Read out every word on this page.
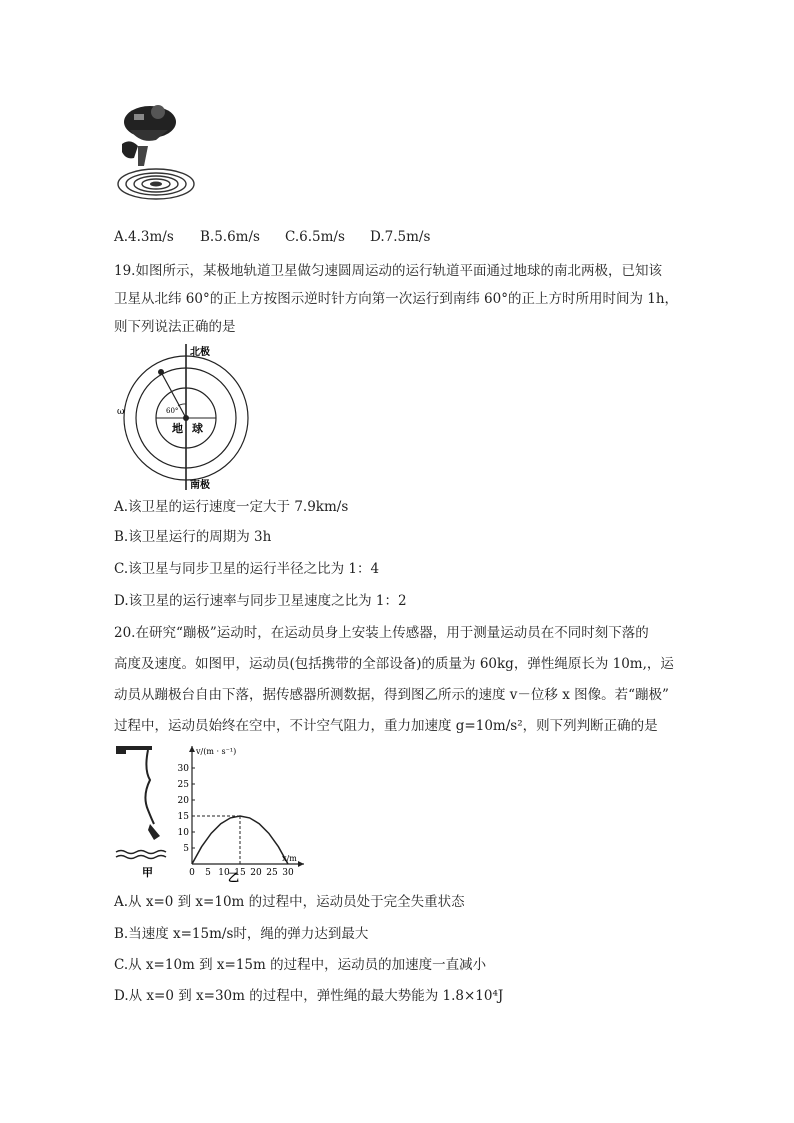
A.4.3m/s B.5.6m/s C.6.5m/s D.7.5m/s
19.如图所示，某极地轨道卫星做匀速圆周运动的运行轨道平面通过地球的南北两极，已知该
卫星从北纬 60°的正上方按图示逆时针方向第一次运行到南纬 60°的正上方时所用时间为 1h，
则下列说法正确的是
60°
北极
南极
地 球
ω
A.该卫星的运行速度一定大于 7.9km/s
B.该卫星运行的周期为 3h
C.该卫星与同步卫星的运行半径之比为 1：4
D.该卫星的运行速率与同步卫星速度之比为 1：2
20.在研究“蹦极”运动时，在运动员身上安装上传感器，用于测量运动员在不同时刻下落的
高度及速度。如图甲，运动员(包括携带的全部设备)的质量为 60kg，弹性绳原长为 10m,，运
动员从蹦极台自由下落，据传感器所测数据，得到图乙所示的速度 v－位移 x 图像。若“蹦极”
过程中，运动员始终在空中，不计空气阻力，重力加速度 g=10m/s²，则下列判断正确的是
甲
5
10
15
20
25
30
0 5 10 15 20 25 30
v/(m · s⁻¹)
x/m
乙
A.从 x=0 到 x=10m 的过程中，运动员处于完全失重状态
B.当速度 x=15m/s时，绳的弹力达到最大
C.从 x=10m 到 x=15m 的过程中，运动员的加速度一直减小
D.从 x=0 到 x=30m 的过程中，弹性绳的最大势能为 1.8×10⁴J
